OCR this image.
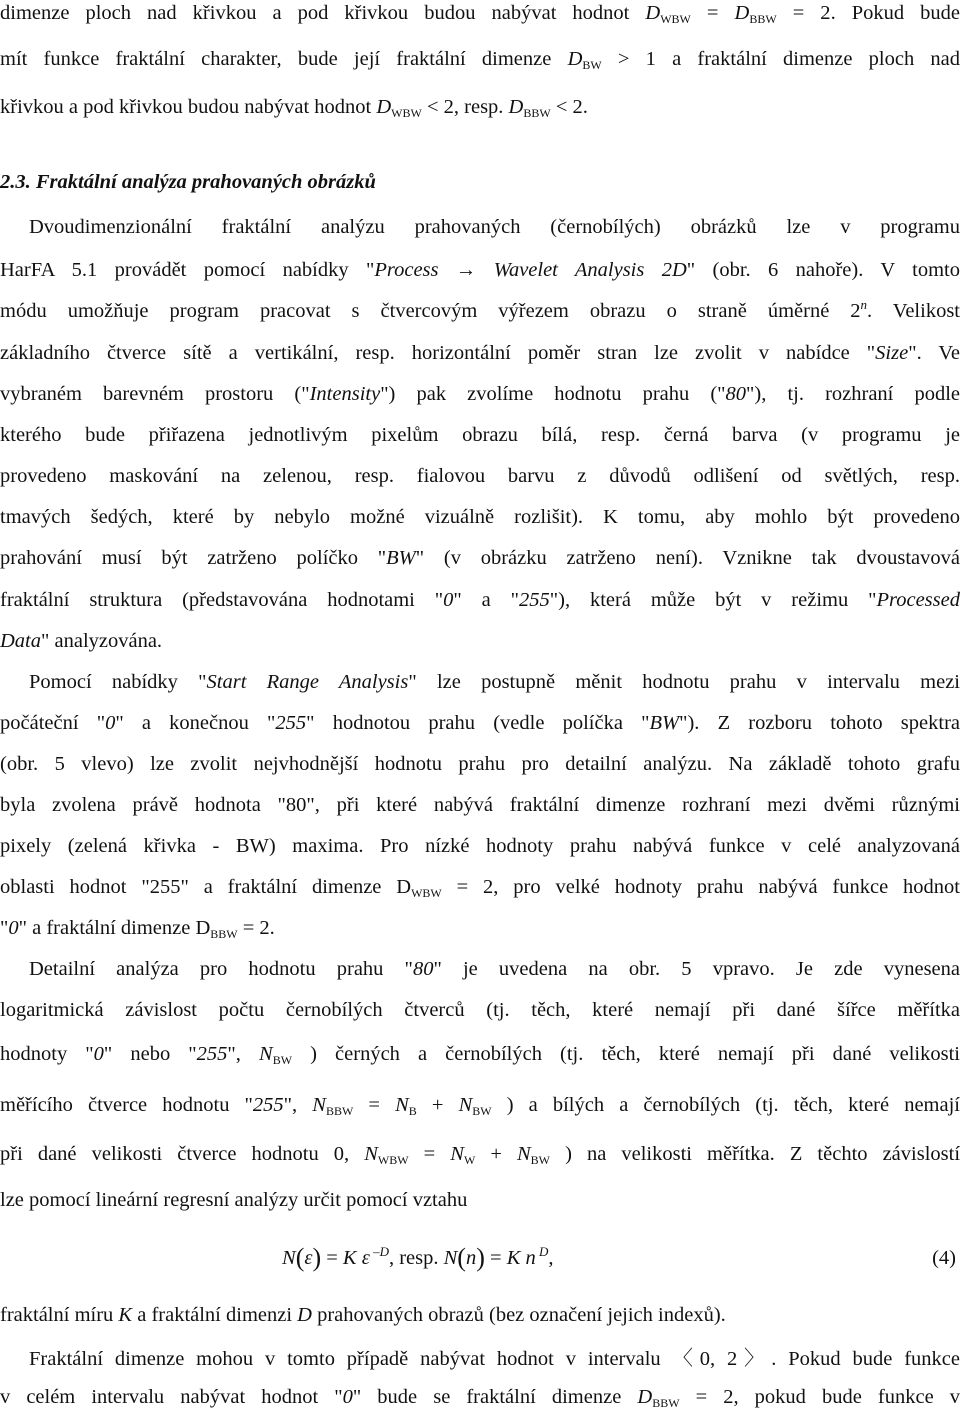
dimenze ploch nad křivkou a pod křivkou budou nabývat hodnot $D_{WBW} = D_{BBW} = 2$. Pokud bude
mít funkce fraktální charakter, bude její fraktální dimenze $D_{BW} > 1$ a fraktální dimenze ploch nad
křivkou a pod křivkou budou nabývat hodnot $D_{WBW} < 2$, resp. $D_{BBW} < 2$.
2.3. Fraktální analýza prahovaných obrázků
Dvoudimenzionální fraktální analýzu prahovaných (černobílých) obrázků lze v programu
HarFA 5.1 provádět pomocí nabídky "Process → Wavelet Analysis 2D" (obr. 6 nahoře). V tomto
módu umožňuje program pracovat s čtvercovým výřezem obrazu o straně úměrné 2$^n$. Velikost
základního čtverce sítě a vertikální, resp. horizontální poměr stran lze zvolit v nabídce "Size". Ve
vybraném barevném prostoru ("Intensity") pak zvolíme hodnotu prahu ("80"), tj. rozhraní podle
kterého bude přiřazena jednotlivým pixelům obrazu bílá, resp. černá barva (v programu je
provedeno maskování na zelenou, resp. fialovou barvu z důvodů odlišení od světlých, resp.
tmavých šedých, které by nebylo možné vizuálně rozlišit). K tomu, aby mohlo být provedeno
prahování musí být zatrženo políčko "BW" (v obrázku zatrženo není). Vznikne tak dvoustavová
fraktální struktura (představována hodnotami "0" a "255"), která může být v režimu "Processed
Data" analyzována.
Pomocí nabídky "Start Range Analysis" lze postupně měnit hodnotu prahu v intervalu mezi
počáteční "0" a konečnou "255" hodnotou prahu (vedle políčka "BW"). Z rozboru tohoto spektra
(obr. 5 vlevo) lze zvolit nejvhodnější hodnotu prahu pro detailní analýzu. Na základě tohoto grafu
byla zvolena právě hodnota "80", při které nabývá fraktální dimenze rozhraní mezi dvěmi různými
pixely (zelená křivka - BW) maxima. Pro nízké hodnoty prahu nabývá funkce v celé analyzovaná
oblasti hodnot "255" a fraktální dimenze $D_{WBW} = 2$, pro velké hodnoty prahu nabývá funkce hodnot
"0" a fraktální dimenze $D_{BBW} = 2$.
Detailní analýza pro hodnotu prahu "80" je uvedena na obr. 5 vpravo. Je zde vynesena
logaritmická závislost počtu černobílých čtverců (tj. těch, které nemají při dané šířce měřítka
hodnoty "0" nebo "255", $N_{BW}$ ) černých a černobílých (tj. těch, které nemají při dané velikosti
měřícího čtverce hodnotu "255", $N_{BBW} = N_B + N_{BW}$ ) a bílých a černobílých (tj. těch, které nemají
při dané velikosti čtverce hodnotu 0, $N_{WBW} = N_W + N_{BW}$ ) na velikosti měřítka. Z těchto závislostí
lze pomocí lineární regresní analýzy určit pomocí vztahu
N(ε) = K ε $^{-D}$, resp. N(n) = K n $^D$,	(4)
fraktální míru K a fraktální dimenzi D prahovaných obrazů (bez označení jejich indexů).
Fraktální dimenze mohou v tomto případě nabývat hodnot v intervalu 〈0, 2〉. Pokud bude funkce
v celém intervalu nabývat hodnot "0" bude se fraktální dimenze $D_{BBW} = 2$, pokud bude funkce v
